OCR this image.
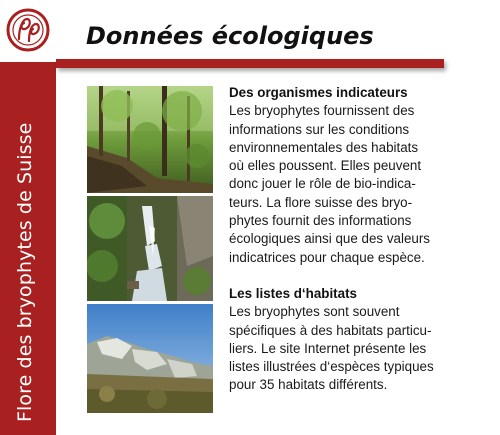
Flore des bryophytes de Suisse
Données écologiques
Des organismes indicateurs
Les bryophytes fournissent des
informations sur les conditions
environnementales des habitats
où elles poussent. Elles peuvent
donc jouer le rôle de bio-indica-
teurs. La flore suisse des bryo-
phytes fournit des informations
écologiques ainsi que des valeurs
indicatrices pour chaque espèce.
Les listes d‘habitats
Les bryophytes sont souvent
spécifiques à des habitats particu-
liers. Le site Internet présente les
listes illustrées d‘espèces typiques
pour 35 habitats différents.
